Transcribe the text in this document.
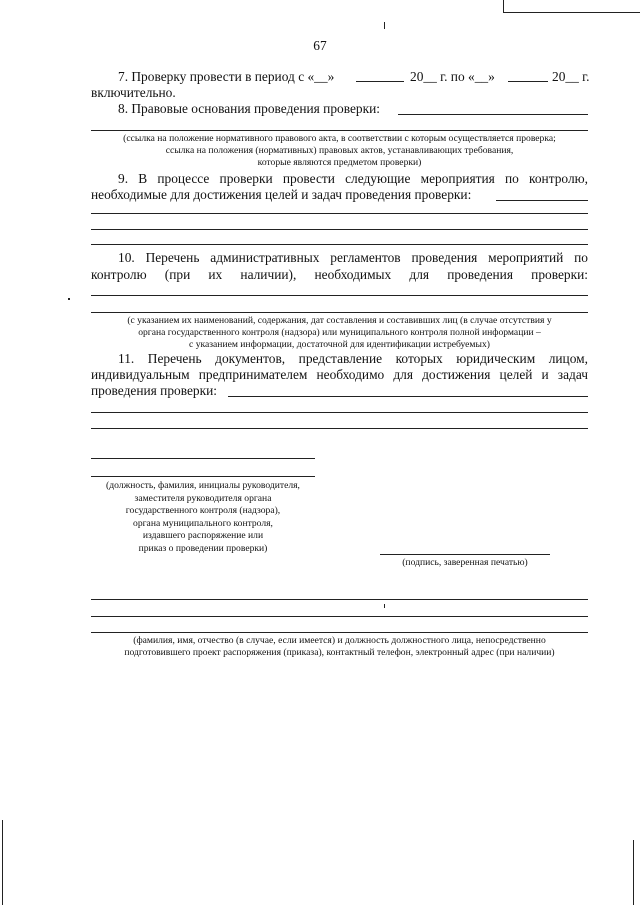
67
7. Проверку провести в период с «__»	20__ г. по «__»	20__ г.
включительно.
8. Правовые основания проведения проверки:
(ссылка на положение нормативного правового акта, в соответствии с которым осуществляется проверка;
ссылка на положения (нормативных) правовых актов, устанавливающих требования,
которые являются предметом проверки)
9. В процессе проверки провести следующие мероприятия по контролю,
необходимые для достижения целей и задач проведения проверки:
10. Перечень административных регламентов проведения мероприятий по
контролю (при их наличии), необходимых для проведения проверки:
(с указанием их наименований, содержания, дат составления и составивших лиц (в случае отсутствия у
органа государственного контроля (надзора) или муниципального контроля полной информации –
с указанием информации, достаточной для идентификации истребуемых)
11. Перечень документов, представление которых юридическим лицом,
индивидуальным предпринимателем необходимо для достижения целей и задач
проведения проверки:
(должность, фамилия, инициалы руководителя,
заместителя руководителя органа
государственного контроля (надзора),
органа муниципального контроля,
издавшего распоряжение или
приказ о проведении проверки)
(подпись, заверенная печатью)
(фамилия, имя, отчество (в случае, если имеется) и должность должностного лица, непосредственно
подготовившего проект распоряжения (приказа), контактный телефон, электронный адрес (при наличии)
